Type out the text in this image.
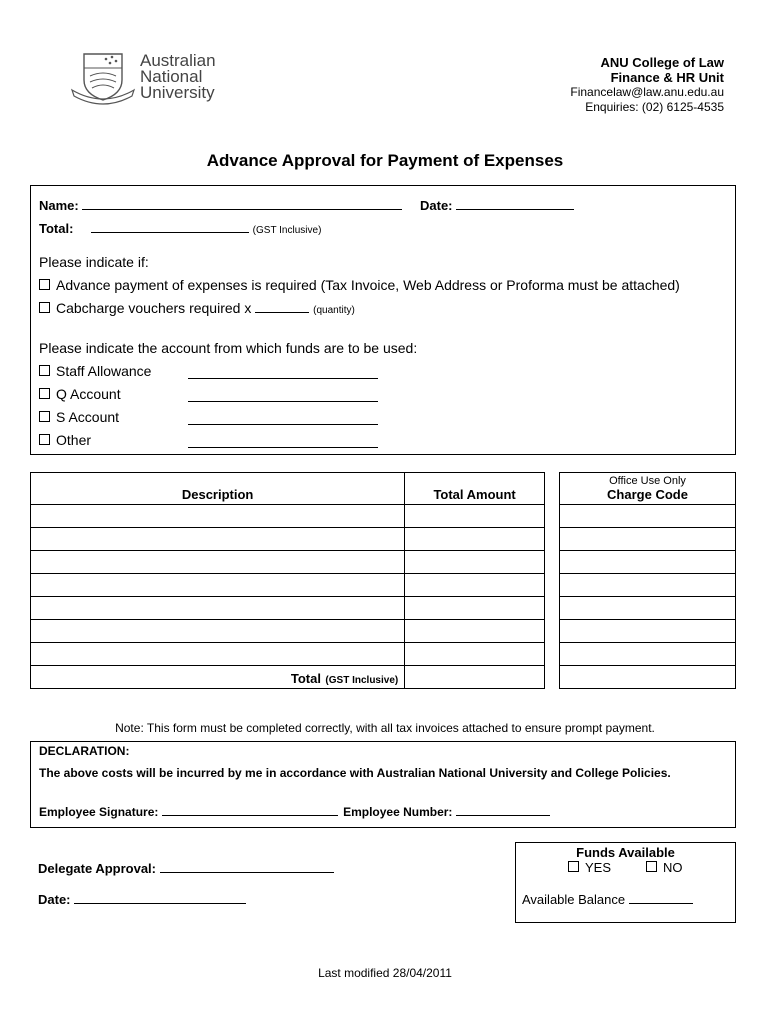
Australian
National
University
ANU College of Law
Finance & HR Unit
Financelaw@law.anu.edu.au
Enquiries: (02) 6125-4535
Advance Approval for Payment of Expenses
Name:	Date:
Total:	(GST Inclusive)
Please indicate if:
Advance payment of expenses is required (Tax Invoice, Web Address or Proforma must be attached)
Cabcharge vouchers required x	(quantity)
Please indicate the account from which funds are to be used:
Staff Allowance
Q Account
S Account
Other
Description	Total Amount

Total (GST Inclusive)	
Office Use Only
Charge Code

Note: This form must be completed correctly, with all tax invoices attached to ensure prompt payment.
DECLARATION:
The above costs will be incurred by me in accordance with Australian National University and College Policies.
Employee Signature:	Employee Number:
Delegate Approval:
Date:
Funds Available
YES	NO
Available Balance
Last modified 28/04/2011
